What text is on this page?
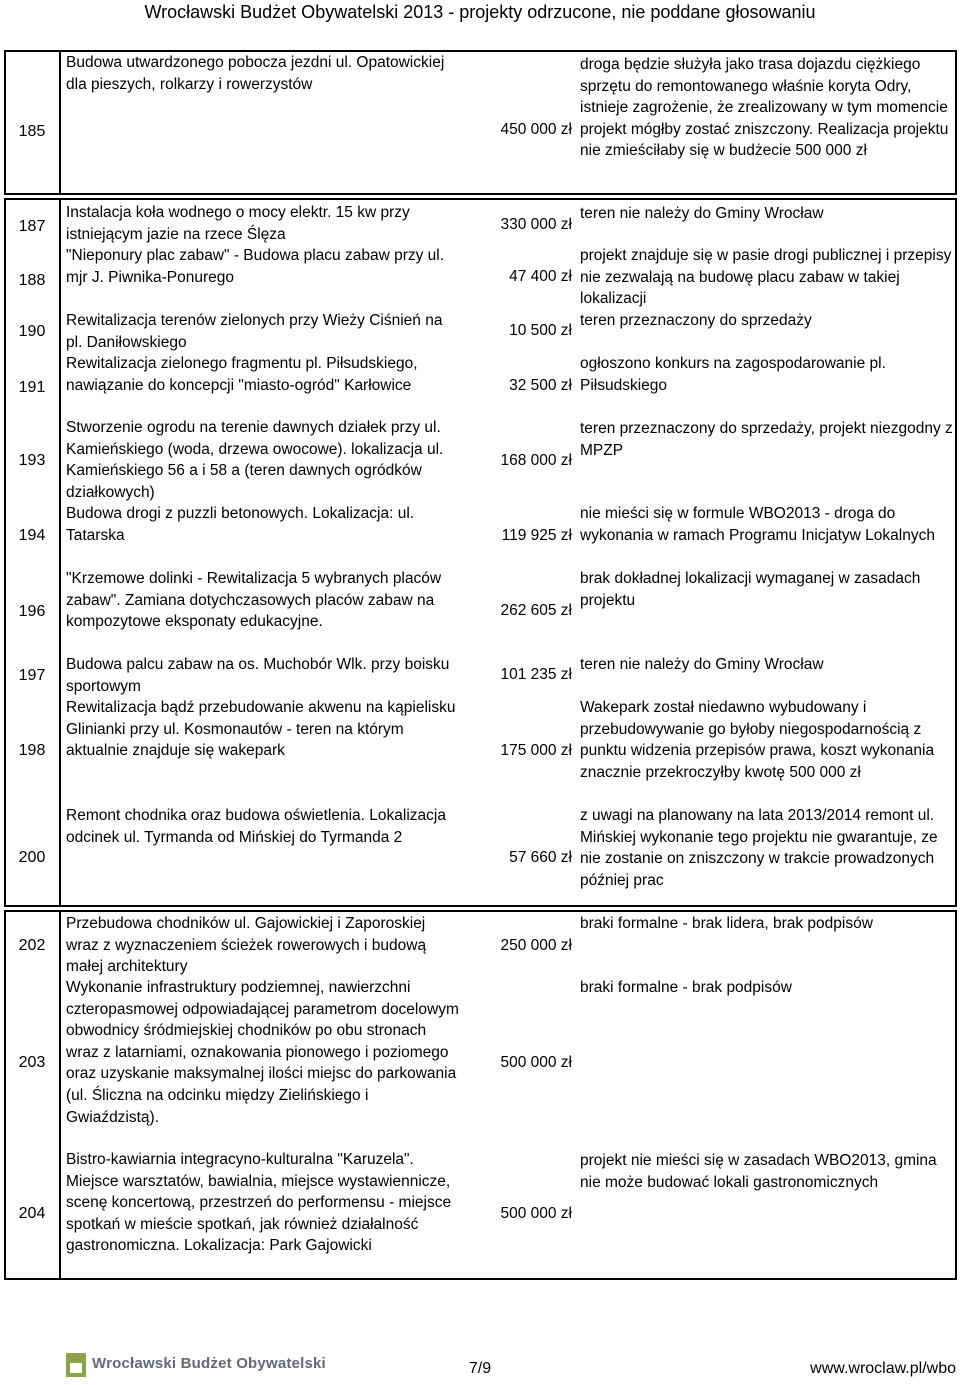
Wrocławski Budżet Obywatelski 2013 - projekty odrzucone, nie poddane głosowaniu
185
Budowa utwardzonego pobocza jezdni ul. Opatowickiej dla pieszych, rolkarzy i rowerzystów
450 000 zł
droga będzie służyła jako trasa dojazdu ciężkiego sprzętu do remontowanego właśnie koryta Odry, istnieje zagrożenie, że zrealizowany w tym momencie projekt mógłby zostać zniszczony. Realizacja projektu nie zmieściłaby się w budżecie 500 000 zł
187
Instalacja koła wodnego o mocy elektr. 15 kw przy istniejącym jazie na rzece Ślęza
330 000 zł
teren nie należy do Gminy Wrocław
188
"Nieponury plac zabaw" - Budowa placu zabaw przy ul. mjr J. Piwnika-Ponurego	47 400 zł
projekt znajduje się w pasie drogi publicznej i przepisy nie zezwalają na budowę placu zabaw w takiej lokalizacji
190
Rewitalizacja terenów zielonych przy Wieży Ciśnień na pl. Daniłowskiego
10 500 zł
teren przeznaczony do sprzedaży
191
Rewitalizacja zielonego fragmentu pl. Piłsudskiego, nawiązanie do koncepcji "miasto-ogród" Karłowice	32 500 zł
ogłoszono konkurs na zagospodarowanie pl. Piłsudskiego
193
Stworzenie ogrodu na terenie dawnych działek przy ul. Kamieńskiego (woda, drzewa owocowe). lokalizacja ul. Kamieńskiego 56 a i 58 a (teren dawnych ogródków działkowych)
168 000 zł
teren przeznaczony do sprzedaży, projekt niezgodny z MPZP
194
Budowa drogi z puzzli betonowych. Lokalizacja: ul. Tatarska	119 925 zł
nie mieści się w formule WBO2013 - droga do wykonania w ramach Programu Inicjatyw Lokalnych
196
"Krzemowe dolinki - Rewitalizacja 5 wybranych placów zabaw". Zamiana dotychczasowych placów zabaw na kompozytowe eksponaty edukacyjne.
262 605 zł
brak dokładnej lokalizacji wymaganej w zasadach projektu
197
Budowa palcu zabaw na os. Muchobór Wlk. przy boisku sportowym
101 235 zł
teren nie należy do Gminy Wrocław
198
Rewitalizacja bądź przebudowanie akwenu na kąpielisku Glinianki przy ul. Kosmonautów - teren na którym aktualnie znajduje się wakepark	175 000 zł
Wakepark został niedawno wybudowany i przebudowywanie go byłoby niegospodarnością z punktu widzenia przepisów prawa, koszt wykonania znacznie przekroczyłby kwotę 500 000 zł
200
Remont chodnika oraz budowa oświetlenia. Lokalizacja odcinek ul. Tyrmanda od Mińskiej do Tyrmanda 2
57 660 zł
z uwagi na planowany na lata 2013/2014 remont ul. Mińskiej wykonanie tego projektu nie gwarantuje, ze nie zostanie on zniszczony w trakcie prowadzonych później prac
202
Przebudowa chodników ul. Gajowickiej i Zaporoskiej wraz z wyznaczeniem ścieżek rowerowych i budową małej architektury
250 000 zł
braki formalne - brak lidera, brak podpisów
203
Wykonanie infrastruktury podziemnej, nawierzchni czteropasmowej odpowiadającej parametrom docelowym obwodnicy śródmiejskiej chodników po obu stronach wraz z latarniami, oznakowania pionowego i poziomego oraz uzyskanie maksymalnej ilości miejsc do parkowania (ul. Śliczna na odcinku między Zielińskiego i Gwiaździstą).
500 000 zł
braki formalne - brak podpisów
204
Bistro-kawiarnia integracyno-kulturalna "Karuzela". Miejsce warsztatów, bawialnia, miejsce wystawiennicze, scenę koncertową, przestrzeń do performensu - miejsce spotkań w mieście spotkań, jak również działalność gastronomiczna. Lokalizacja: Park Gajowicki
500 000 zł
projekt nie mieści się w zasadach WBO2013, gmina nie może budować lokali gastronomicznych
Wrocławski Budżet Obywatelski	7/9	www.wroclaw.pl/wbo
